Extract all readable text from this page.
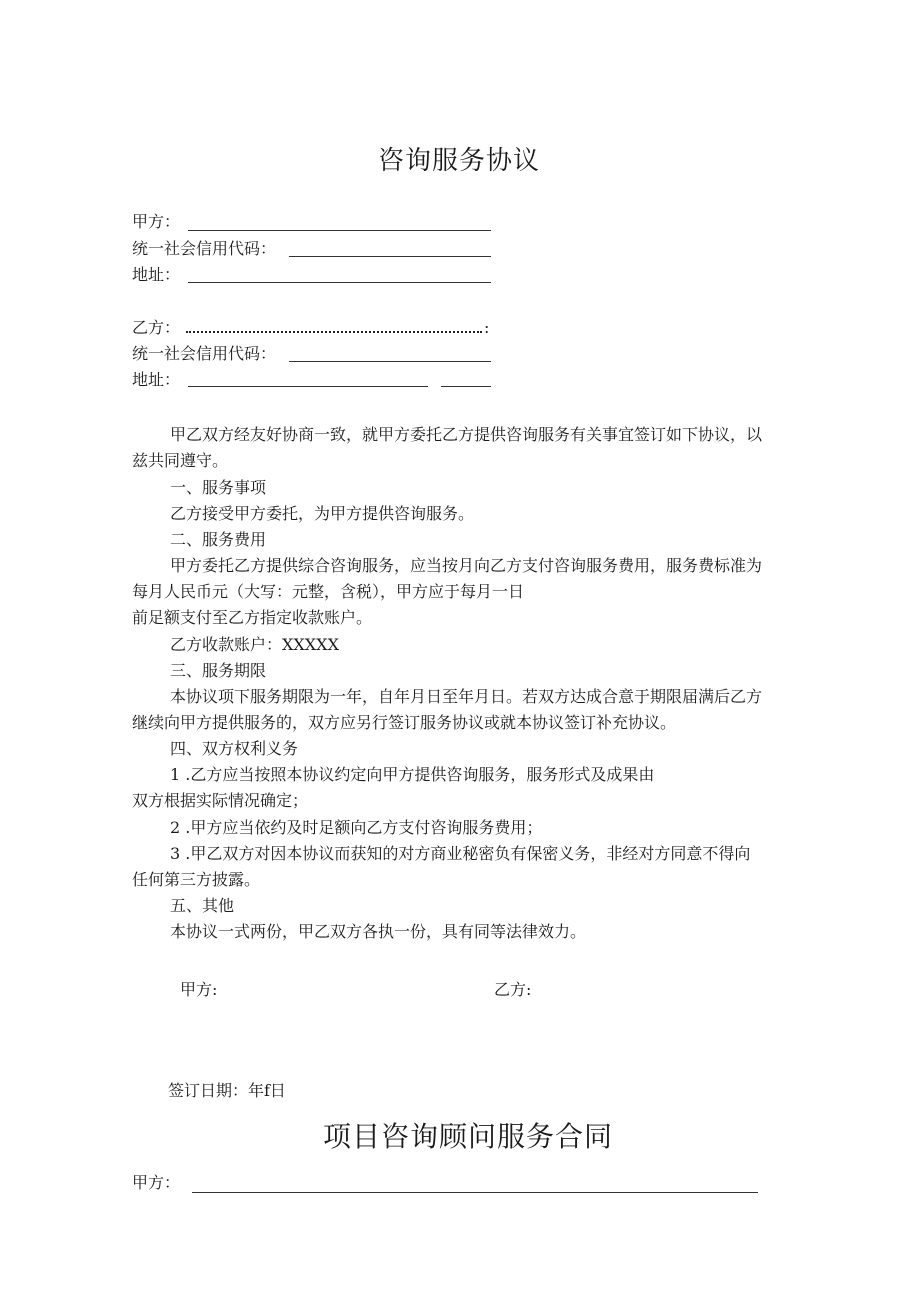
咨询服务协议
甲方：
统一社会信用代码：
地址：
乙方：	:
统一社会信用代码：
地址：
甲乙双方经友好协商一致，就甲方委托乙方提供咨询服务有关事宜签订如下协议，以
兹共同遵守。
一、服务事项
乙方接受甲方委托，为甲方提供咨询服务。
二、服务费用
甲方委托乙方提供综合咨询服务，应当按月向乙方支付咨询服务费用，服务费标准为
每月人民币元（大写：元整，含税），甲方应于每月一日
前足额支付至乙方指定收款账户。
乙方收款账户：XXXXX
三、服务期限
本协议项下服务期限为一年，自年月日至年月日。若双方达成合意于期限届满后乙方
继续向甲方提供服务的，双方应另行签订服务协议或就本协议签订补充协议。
四、双方权利义务
1 .乙方应当按照本协议约定向甲方提供咨询服务，服务形式及成果由
双方根据实际情况确定；
2 .甲方应当依约及时足额向乙方支付咨询服务费用；
3 .甲乙双方对因本协议而获知的对方商业秘密负有保密义务，非经对方同意不得向
任何第三方披露。
五、其他
本协议一式两份，甲乙双方各执一份，具有同等法律效力。
甲方:	乙方:
签订日期：年f日
项目咨询顾问服务合同
甲方：
